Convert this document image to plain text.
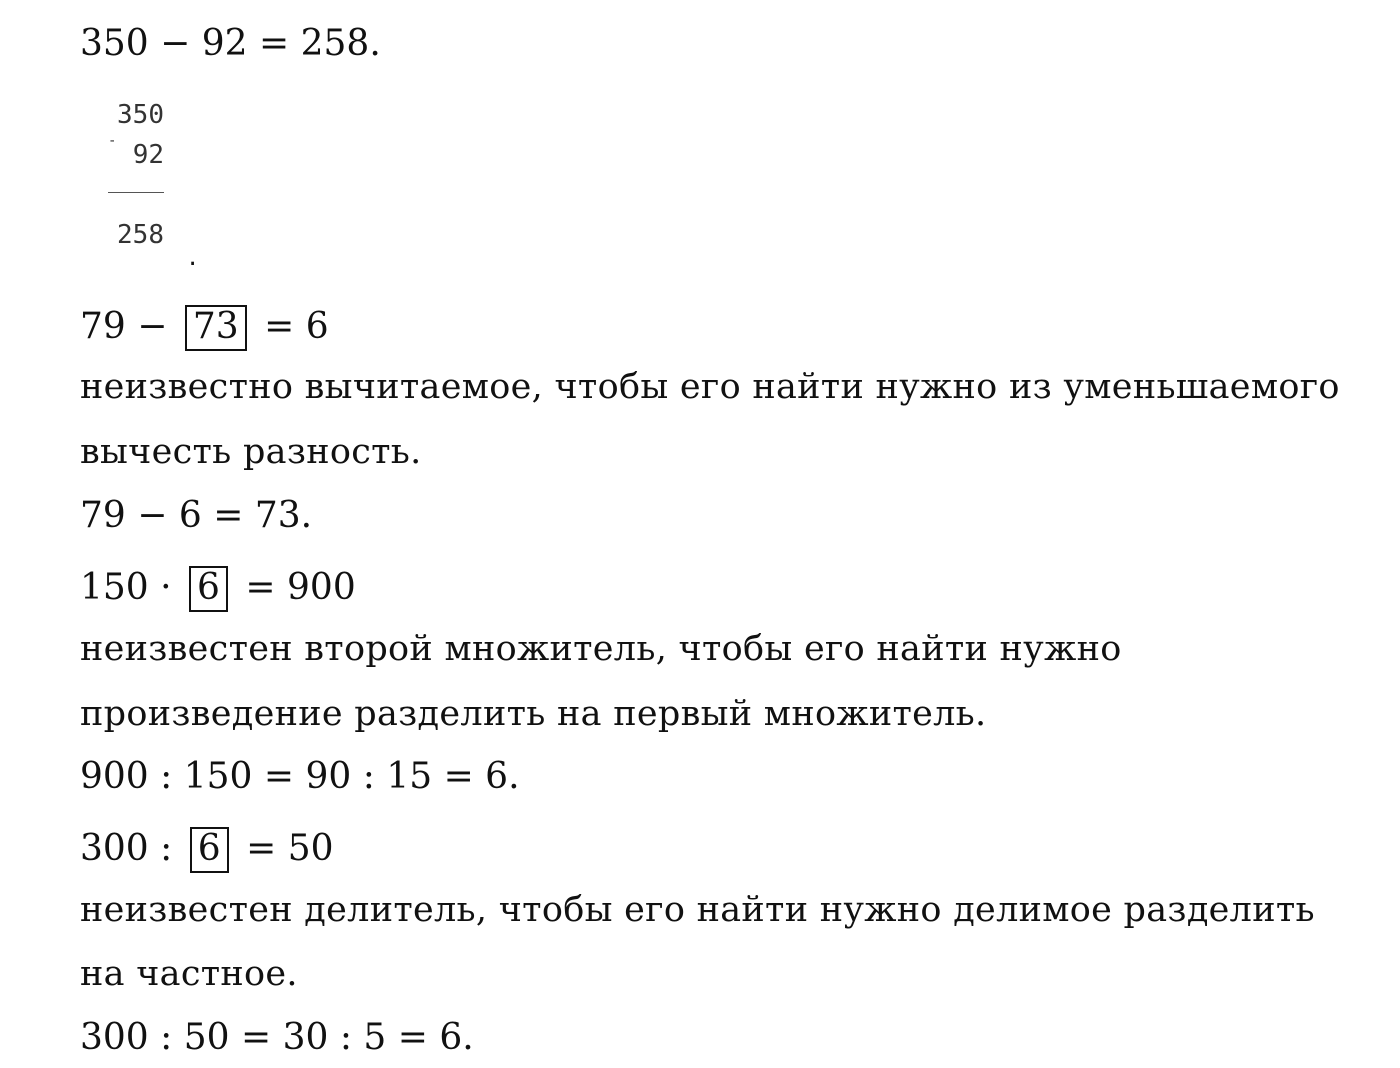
350 − 92 = 258.
350
- 92
258
.
79 − 73 = 6
неизвестно вычитаемое, чтобы его найти нужно из уменьшаемого
вычесть разность.
79 − 6 = 73.
150 · 6 = 900
неизвестен второй множитель, чтобы его найти нужно
произведение разделить на первый множитель.
900 : 150 = 90 : 15 = 6.
300 : 6 = 50
неизвестен делитель, чтобы его найти нужно делимое разделить
на частное.
300 : 50 = 30 : 5 = 6.
